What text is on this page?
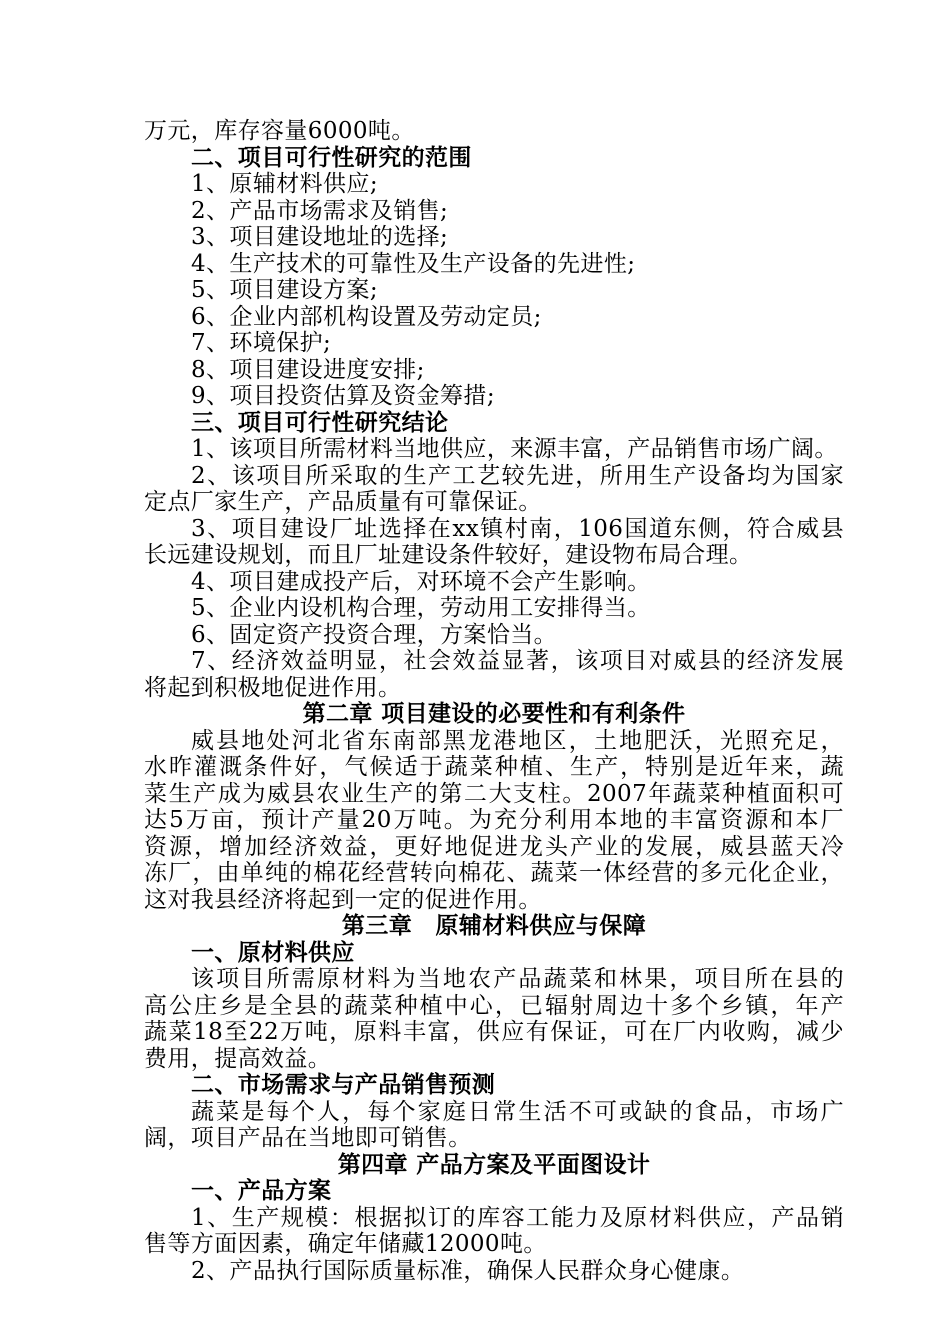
万元，库存容量6000吨。
二、项目可行性研究的范围
1、原辅材料供应;
2、产品市场需求及销售;
3、项目建设地址的选择;
4、生产技术的可靠性及生产设备的先进性;
5、项目建设方案;
6、企业内部机构设置及劳动定员;
7、环境保护;
8、项目建设进度安排;
9、项目投资估算及资金筹措;
三、项目可行性研究结论
1、该项目所需材料当地供应，来源丰富，产品销售市场广阔。
2、该项目所采取的生产工艺较先进，所用生产设备均为国家
定点厂家生产，产品质量有可靠保证。
3、项目建设厂址选择在xx镇村南，106国道东侧，符合威县
长远建设规划，而且厂址建设条件较好，建设物布局合理。
4、项目建成投产后，对环境不会产生影响。
5、企业内设机构合理，劳动用工安排得当。
6、固定资产投资合理，方案恰当。
7、经济效益明显，社会效益显著，该项目对威县的经济发展
将起到积极地促进作用。
第二章 项目建设的必要性和有利条件
威县地处河北省东南部黑龙港地区，土地肥沃，光照充足，
水昨灌溉条件好，气候适于蔬菜种植、生产，特别是近年来，蔬
菜生产成为威县农业生产的第二大支柱。2007年蔬菜种植面积可
达5万亩，预计产量20万吨。为充分利用本地的丰富资源和本厂
资源，增加经济效益，更好地促进龙头产业的发展，威县蓝天冷
冻厂，由单纯的棉花经营转向棉花、蔬菜一体经营的多元化企业，
这对我县经济将起到一定的促进作用。
第三章　原辅材料供应与保障
一、原材料供应
该项目所需原材料为当地农产品蔬菜和林果，项目所在县的
高公庄乡是全县的蔬菜种植中心，已辐射周边十多个乡镇，年产
蔬菜18至22万吨，原料丰富，供应有保证，可在厂内收购，减少
费用，提高效益。
二、市场需求与产品销售预测
蔬菜是每个人，每个家庭日常生活不可或缺的食品，市场广
阔，项目产品在当地即可销售。
第四章 产品方案及平面图设计
一、产品方案
1、生产规模：根据拟订的库容工能力及原材料供应，产品销
售等方面因素，确定年储藏12000吨。
2、产品执行国际质量标准，确保人民群众身心健康。
